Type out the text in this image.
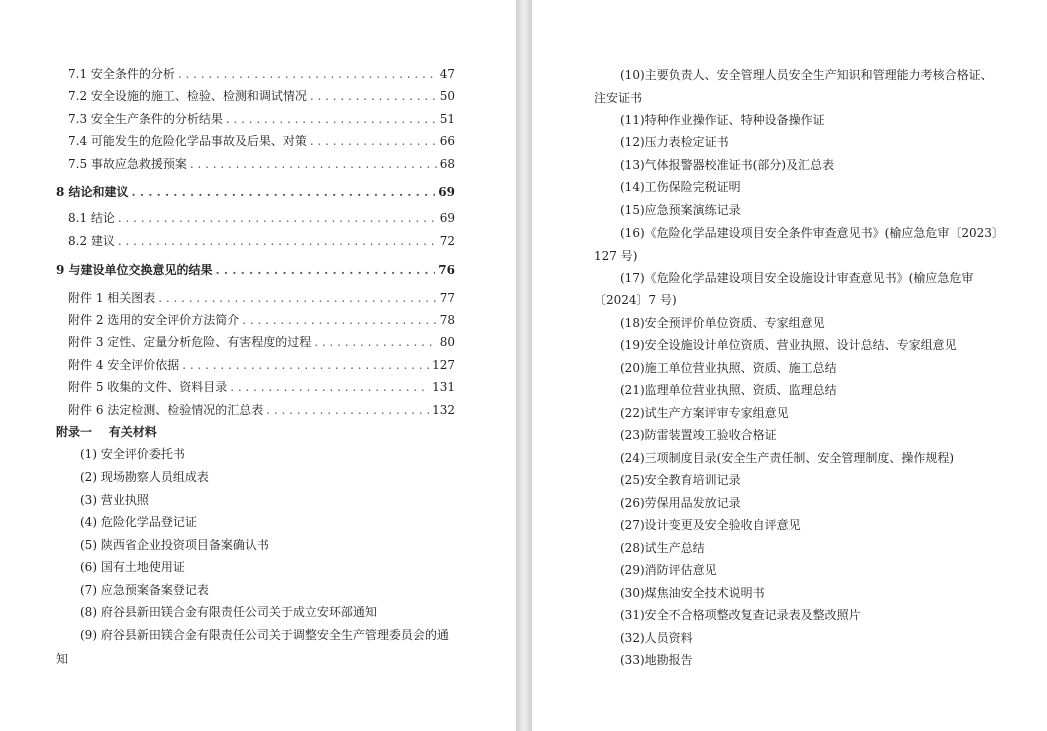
7.1 安全条件的分析 . . .	47
7.2 安全设施的施工、检验、检测和调试情况 . . .	50
7.3 安全生产条件的分析结果 . . .	51
7.4 可能发生的危险化学品事故及后果、对策 . . .	66
7.5 事故应急救援预案 . . .	68
8 结论和建议 . . .	69
8.1 结论 . . .	69
8.2 建议 . . .	72
9 与建设单位交换意见的结果 . . .	76
附件 1 相关图表 . . .	77
附件 2 选用的安全评价方法简介 . . .	78
附件 3 定性、定量分析危险、有害程度的过程 . . .	80
附件 4 安全评价依据 . . .	127
附件 5 收集的文件、资料目录 . . .	131
附件 6 法定检测、检验情况的汇总表 . . .	132
附录一    有关材料
(1) 安全评价委托书
(2) 现场勘察人员组成表
(3) 营业执照
(4) 危险化学品登记证
(5) 陕西省企业投资项目备案确认书
(6) 国有土地使用证
(7) 应急预案备案登记表
(8) 府谷县新田镁合金有限责任公司关于成立安环部通知
(9) 府谷县新田镁合金有限责任公司关于调整安全生产管理委员会的通
知
(10)主要负责人、安全管理人员安全生产知识和管理能力考核合格证、
注安证书
(11)特种作业操作证、特种设备操作证
(12)压力表检定证书
(13)气体报警器校准证书(部分)及汇总表
(14)工伤保险完税证明
(15)应急预案演练记录
(16)《危险化学品建设项目安全条件审查意见书》(榆应急危审〔2023〕
127 号)
(17)《危险化学品建设项目安全设施设计审查意见书》(榆应急危审
〔2024〕7 号)
(18)安全预评价单位资质、专家组意见
(19)安全设施设计单位资质、营业执照、设计总结、专家组意见
(20)施工单位营业执照、资质、施工总结
(21)监理单位营业执照、资质、监理总结
(22)试生产方案评审专家组意见
(23)防雷装置竣工验收合格证
(24)三项制度目录(安全生产责任制、安全管理制度、操作规程)
(25)安全教育培训记录
(26)劳保用品发放记录
(27)设计变更及安全验收自评意见
(28)试生产总结
(29)消防评估意见
(30)煤焦油安全技术说明书
(31)安全不合格项整改复查记录表及整改照片
(32)人员资料
(33)地勘报告
